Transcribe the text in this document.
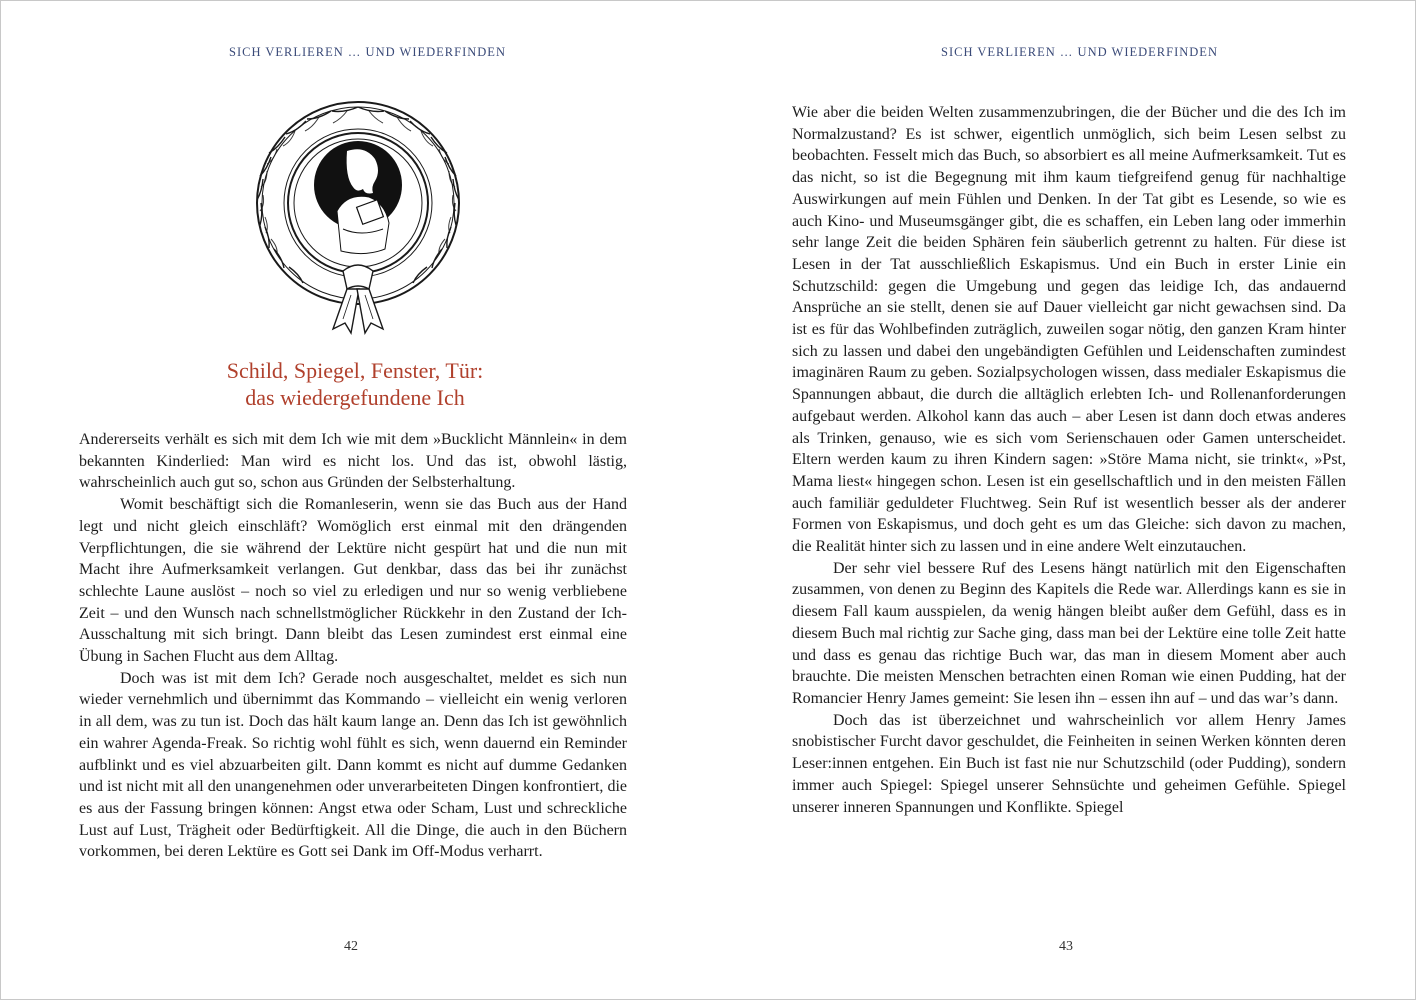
SICH VERLIEREN … UND WIEDERFINDEN
Schild, Spiegel, Fenster, Tür:
das wiedergefundene Ich

Andererseits verhält es sich mit dem Ich wie mit dem »Bucklicht Männlein« in dem bekannten Kinderlied: Man wird es nicht los. Und das ist, obwohl lästig, wahrscheinlich auch gut so, schon aus Gründen der Selbsterhaltung.

Womit beschäftigt sich die Romanleserin, wenn sie das Buch aus der Hand legt und nicht gleich einschläft? Womöglich erst einmal mit den drängenden Verpflichtungen, die sie während der Lektüre nicht gespürt hat und die nun mit Macht ihre Aufmerksamkeit verlangen. Gut denkbar, dass das bei ihr zunächst schlechte Laune auslöst – noch so viel zu erledigen und nur so wenig verbliebene Zeit – und den Wunsch nach schnellstmöglicher Rückkehr in den Zustand der Ich-Ausschaltung mit sich bringt. Dann bleibt das Lesen zumindest erst einmal eine Übung in Sachen Flucht aus dem Alltag.

Doch was ist mit dem Ich? Gerade noch ausgeschaltet, meldet es sich nun wieder vernehmlich und übernimmt das Kommando – vielleicht ein wenig verloren in all dem, was zu tun ist. Doch das hält kaum lange an. Denn das Ich ist gewöhnlich ein wahrer Agenda-Freak. So richtig wohl fühlt es sich, wenn dauernd ein Reminder aufblinkt und es viel abzuarbeiten gilt. Dann kommt es nicht auf dumme Gedanken und ist nicht mit all den unangenehmen oder unverarbeiteten Dingen konfrontiert, die es aus der Fassung bringen können: Angst etwa oder Scham, Lust und schreckliche Lust auf Lust, Trägheit oder Bedürftigkeit. All die Dinge, die auch in den Büchern vorkommen, bei deren Lektüre es Gott sei Dank im Off-Modus verharrt.

42
SICH VERLIEREN … UND WIEDERFINDEN

Wie aber die beiden Welten zusammenzubringen, die der Bücher und die des Ich im Normalzustand? Es ist schwer, eigentlich unmöglich, sich beim Lesen selbst zu beobachten. Fesselt mich das Buch, so absorbiert es all meine Aufmerksamkeit. Tut es das nicht, so ist die Begegnung mit ihm kaum tiefgreifend genug für nachhaltige Auswirkungen auf mein Fühlen und Denken. In der Tat gibt es Lesende, so wie es auch Kino- und Museumsgänger gibt, die es schaffen, ein Leben lang oder immerhin sehr lange Zeit die beiden Sphären fein säuberlich getrennt zu halten. Für diese ist Lesen in der Tat ausschließlich Eskapismus. Und ein Buch in erster Linie ein Schutzschild: gegen die Umgebung und gegen das leidige Ich, das andauernd Ansprüche an sie stellt, denen sie auf Dauer vielleicht gar nicht gewachsen sind. Da ist es für das Wohlbefinden zuträglich, zuweilen sogar nötig, den ganzen Kram hinter sich zu lassen und dabei den ungebändigten Gefühlen und Leidenschaften zumindest imaginären Raum zu geben. Sozialpsychologen wissen, dass medialer Eskapismus die Spannungen abbaut, die durch die alltäglich erlebten Ich- und Rollenanforderungen aufgebaut werden. Alkohol kann das auch – aber Lesen ist dann doch etwas anderes als Trinken, genauso, wie es sich vom Serienschauen oder Gamen unterscheidet. Eltern werden kaum zu ihren Kindern sagen: »Störe Mama nicht, sie trinkt«, »Pst, Mama liest« hingegen schon. Lesen ist ein gesellschaftlich und in den meisten Fällen auch familiär geduldeter Fluchtweg. Sein Ruf ist wesentlich besser als der anderer Formen von Eskapismus, und doch geht es um das Gleiche: sich davon zu machen, die Realität hinter sich zu lassen und in eine andere Welt einzutauchen.

Der sehr viel bessere Ruf des Lesens hängt natürlich mit den Eigenschaften zusammen, von denen zu Beginn des Kapitels die Rede war. Allerdings kann es sie in diesem Fall kaum ausspielen, da wenig hängen bleibt außer dem Gefühl, dass es in diesem Buch mal richtig zur Sache ging, dass man bei der Lektüre eine tolle Zeit hatte und dass es genau das richtige Buch war, das man in diesem Moment aber auch brauchte. Die meisten Menschen betrachten einen Roman wie einen Pudding, hat der Romancier Henry James gemeint: Sie lesen ihn – essen ihn auf – und das war’s dann.

Doch das ist überzeichnet und wahrscheinlich vor allem Henry James snobistischer Furcht davor geschuldet, die Feinheiten in seinen Werken könnten deren Leser:innen entgehen. Ein Buch ist fast nie nur Schutzschild (oder Pudding), sondern immer auch Spiegel: Spiegel unserer Sehnsüchte und geheimen Gefühle. Spiegel unserer inneren Spannungen und Konflikte. Spiegel

43
